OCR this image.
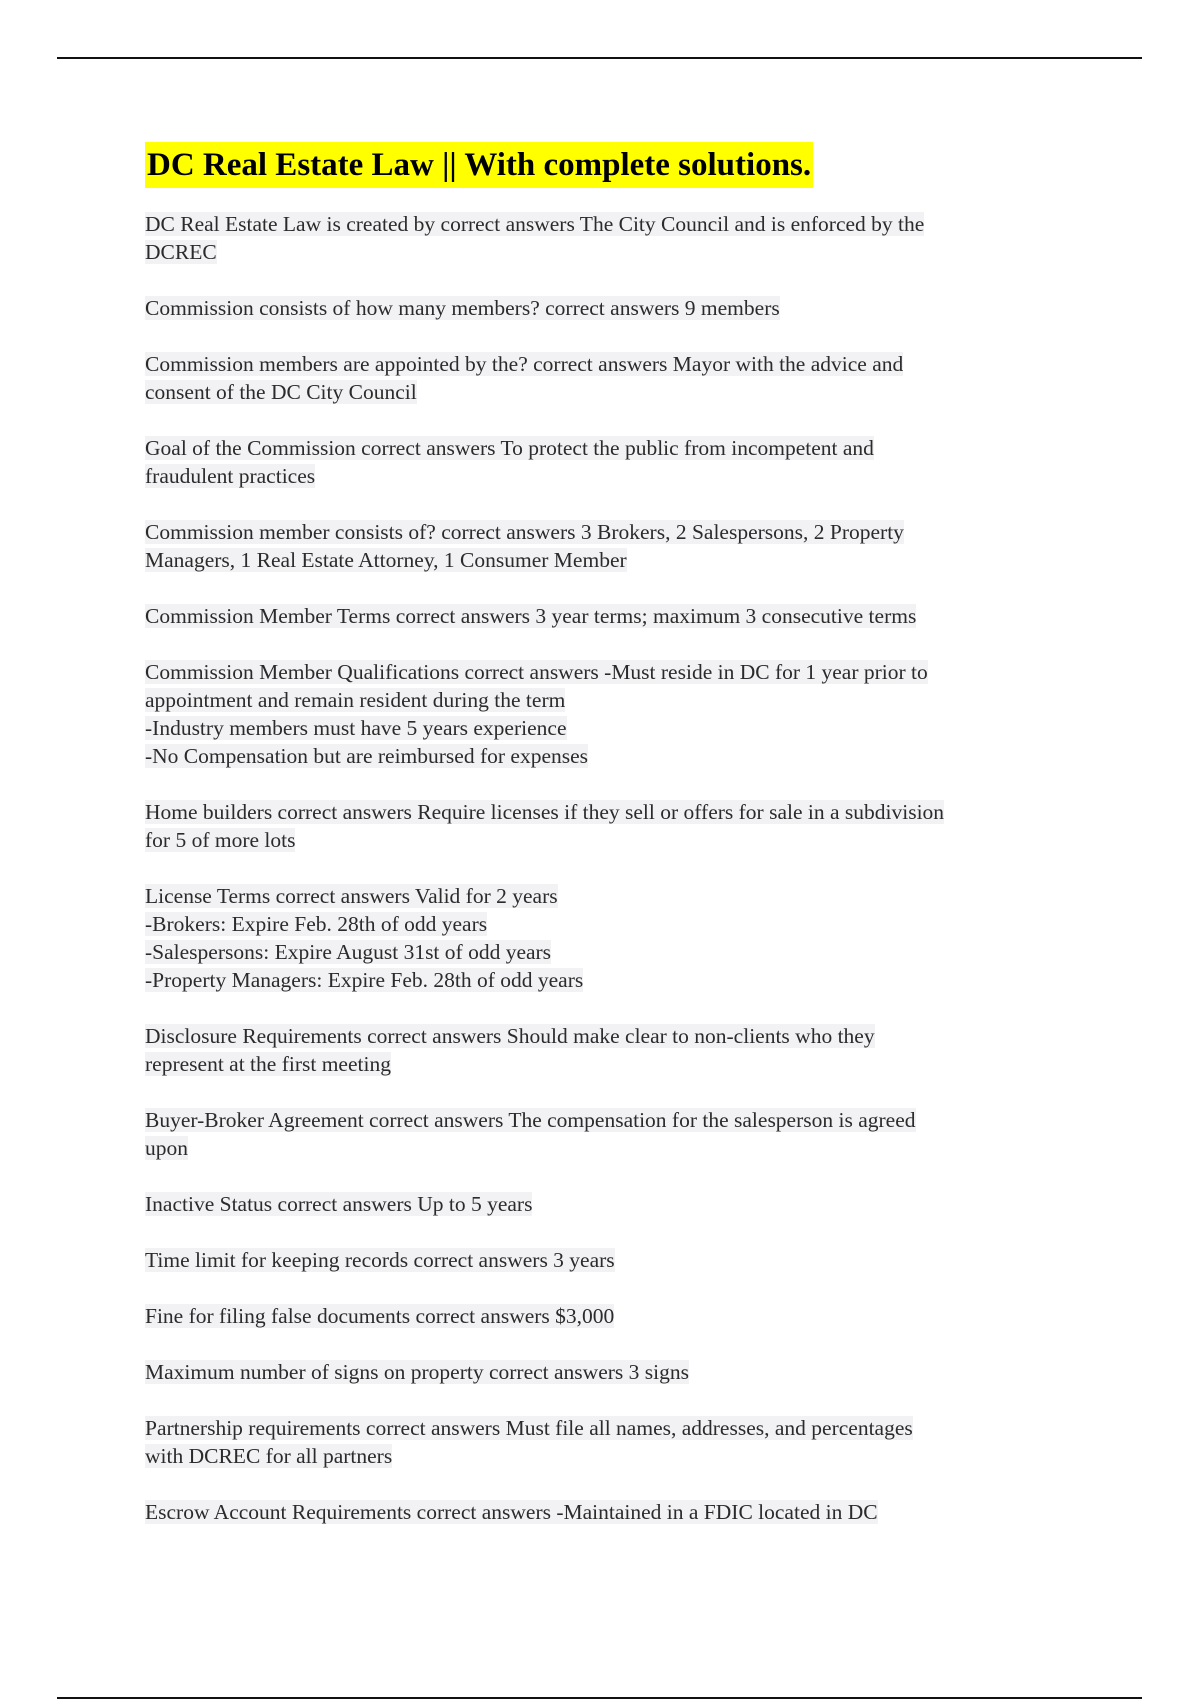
DC Real Estate Law || With complete solutions.
DC Real Estate Law is created by correct answers The City Council and is enforced by the
DCREC
Commission consists of how many members? correct answers 9 members
Commission members are appointed by the? correct answers Mayor with the advice and
consent of the DC City Council
Goal of the Commission correct answers To protect the public from incompetent and
fraudulent practices
Commission member consists of? correct answers 3 Brokers, 2 Salespersons, 2 Property
Managers, 1 Real Estate Attorney, 1 Consumer Member
Commission Member Terms correct answers 3 year terms; maximum 3 consecutive terms
Commission Member Qualifications correct answers -Must reside in DC for 1 year prior to
appointment and remain resident during the term
-Industry members must have 5 years experience
-No Compensation but are reimbursed for expenses
Home builders correct answers Require licenses if they sell or offers for sale in a subdivision
for 5 of more lots
License Terms correct answers Valid for 2 years
-Brokers: Expire Feb. 28th of odd years
-Salespersons: Expire August 31st of odd years
-Property Managers: Expire Feb. 28th of odd years
Disclosure Requirements correct answers Should make clear to non-clients who they
represent at the first meeting
Buyer-Broker Agreement correct answers The compensation for the salesperson is agreed
upon
Inactive Status correct answers Up to 5 years
Time limit for keeping records correct answers 3 years
Fine for filing false documents correct answers $3,000
Maximum number of signs on property correct answers 3 signs
Partnership requirements correct answers Must file all names, addresses, and percentages
with DCREC for all partners
Escrow Account Requirements correct answers -Maintained in a FDIC located in DC
